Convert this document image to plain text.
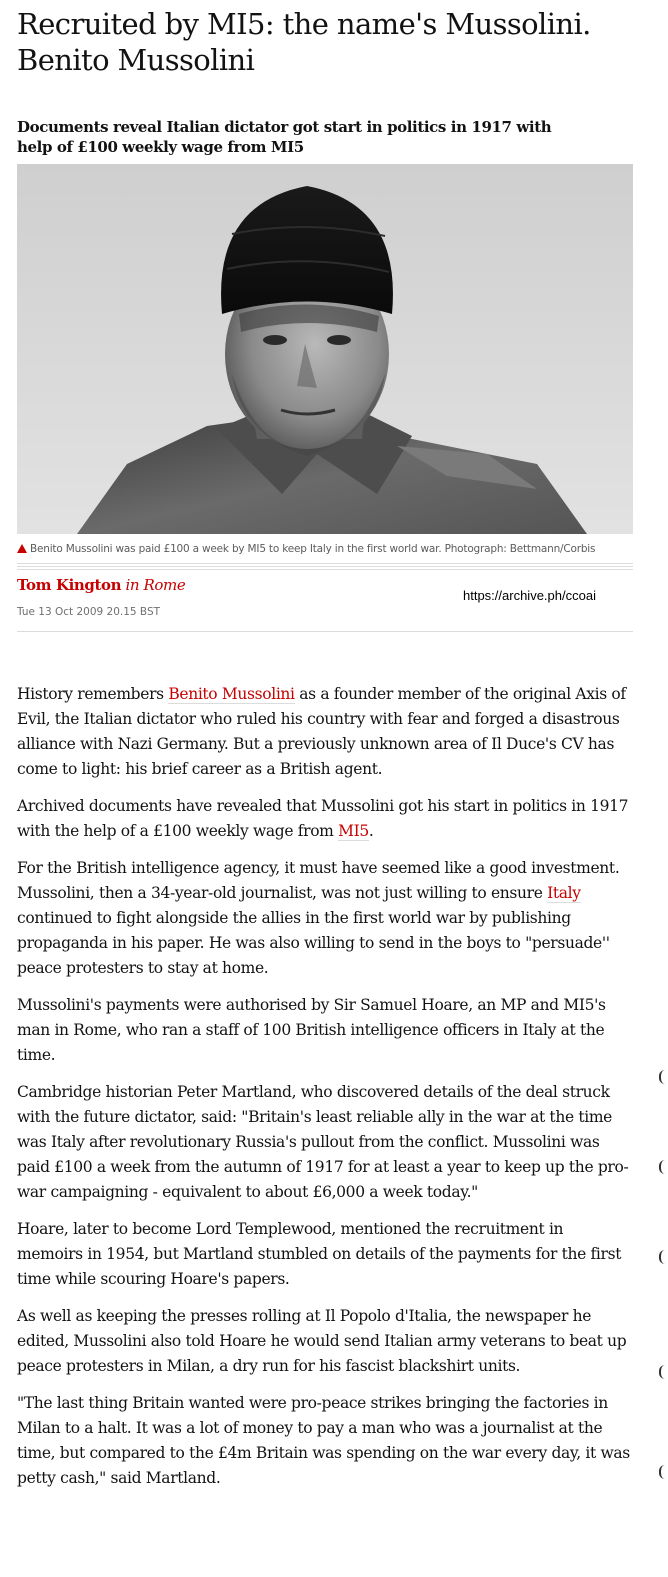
Recruited by MI5: the name's Mussolini.
Benito Mussolini
Documents reveal Italian dictator got start in politics in 1917 with
help of £100 weekly wage from MI5
Benito Mussolini was paid £100 a week by MI5 to keep Italy in the first world war. Photograph: Bettmann/Corbis
Tom Kington in Rome
https://archive.ph/ccoai
Tue 13 Oct 2009 20.15 BST

History remembers Benito Mussolini as a founder member of the original Axis of Evil, the Italian dictator who ruled his country with fear and forged a disastrous alliance with Nazi Germany. But a previously unknown area of Il Duce's CV has come to light: his brief career as a British agent.

Archived documents have revealed that Mussolini got his start in politics in 1917 with the help of a £100 weekly wage from MI5.

For the British intelligence agency, it must have seemed like a good investment. Mussolini, then a 34-year-old journalist, was not just willing to ensure Italy continued to fight alongside the allies in the first world war by publishing propaganda in his paper. He was also willing to send in the boys to "persuade'' peace protesters to stay at home.

Mussolini's payments were authorised by Sir Samuel Hoare, an MP and MI5's man in Rome, who ran a staff of 100 British intelligence officers in Italy at the time.

Cambridge historian Peter Martland, who discovered details of the deal struck with the future dictator, said: "Britain's least reliable ally in the war at the time was Italy after revolutionary Russia's pullout from the conflict. Mussolini was paid £100 a week from the autumn of 1917 for at least a year to keep up the pro-war campaigning - equivalent to about £6,000 a week today."

Hoare, later to become Lord Templewood, mentioned the recruitment in memoirs in 1954, but Martland stumbled on details of the payments for the first time while scouring Hoare's papers.

As well as keeping the presses rolling at Il Popolo d'Italia, the newspaper he edited, Mussolini also told Hoare he would send Italian army veterans to beat up peace protesters in Milan, a dry run for his fascist blackshirt units.

"The last thing Britain wanted were pro-peace strikes bringing the factories in Milan to a halt. It was a lot of money to pay a man who was a journalist at the time, but compared to the £4m Britain was spending on the war every day, it was petty cash," said Martland.
